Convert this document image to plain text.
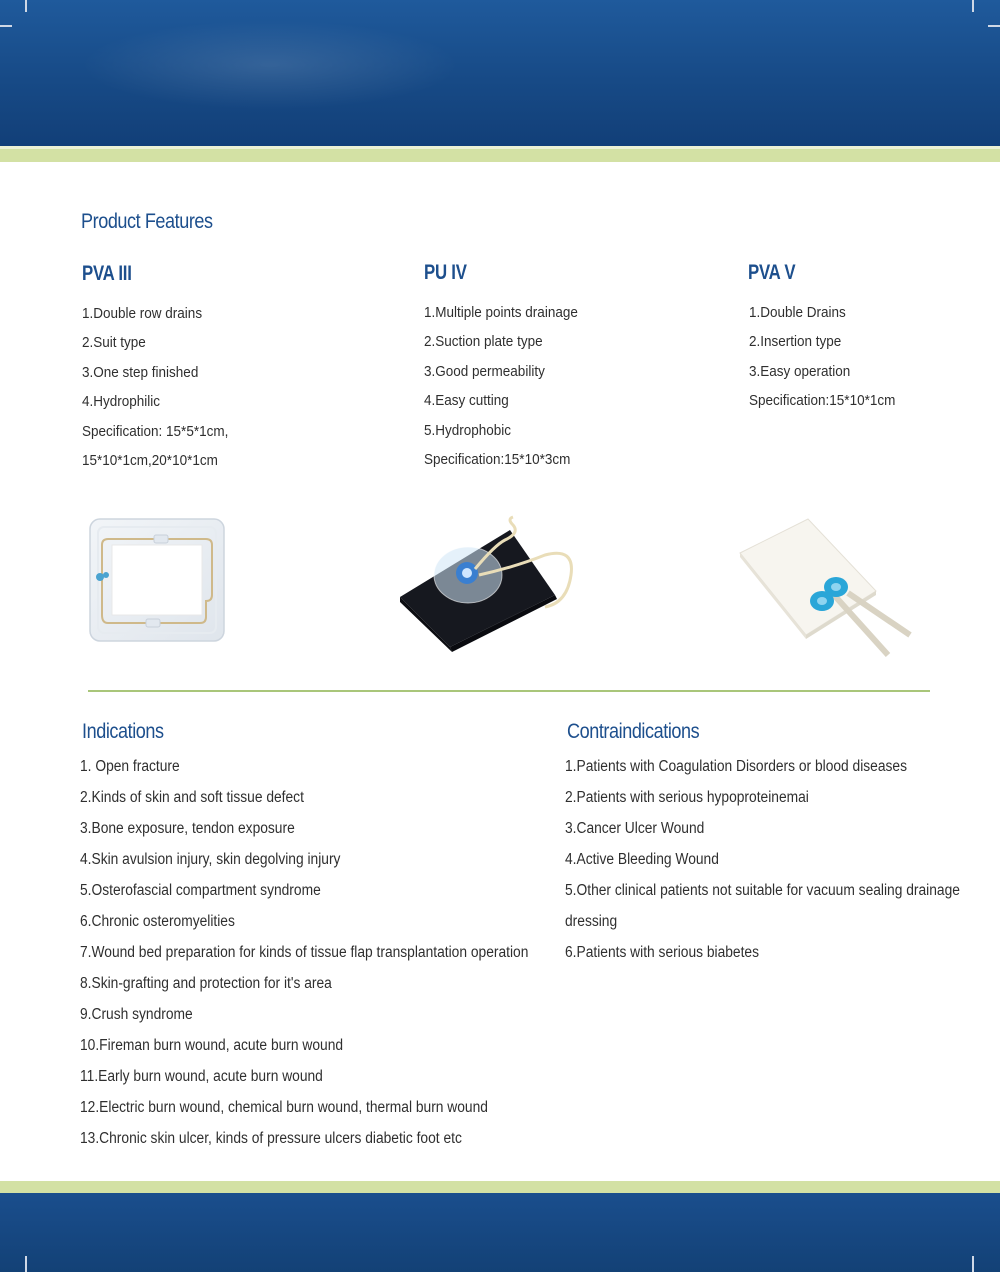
Product Features
PVA III
1.Double row drains
2.Suit type
3.One step finished
4.Hydrophilic
Specification: 15*5*1cm,
15*10*1cm,20*10*1cm
PU IV
1.Multiple points drainage
2.Suction plate type
3.Good permeability
4.Easy cutting
5.Hydrophobic
Specification:15*10*3cm
PVA V
1.Double Drains
2.Insertion type
3.Easy operation
Specification:15*10*1cm
Indications
1. Open fracture
2.Kinds of skin and soft tissue defect
3.Bone exposure, tendon exposure
4.Skin avulsion injury, skin degolving injury
5.Osterofascial compartment syndrome
6.Chronic osteromyelities
7.Wound bed preparation for kinds of tissue flap transplantation operation
8.Skin-grafting and protection for it's area
9.Crush syndrome
10.Fireman burn wound, acute burn wound
11.Early burn wound, acute burn wound
12.Electric burn wound, chemical burn wound, thermal burn wound
13.Chronic skin ulcer, kinds of pressure ulcers diabetic foot etc
Contraindications
1.Patients with Coagulation Disorders or blood diseases
2.Patients with serious hypoproteinemai
3.Cancer Ulcer Wound
4.Active Bleeding Wound
5.Other clinical patients not suitable for vacuum sealing drainage
dressing
6.Patients with serious biabetes
